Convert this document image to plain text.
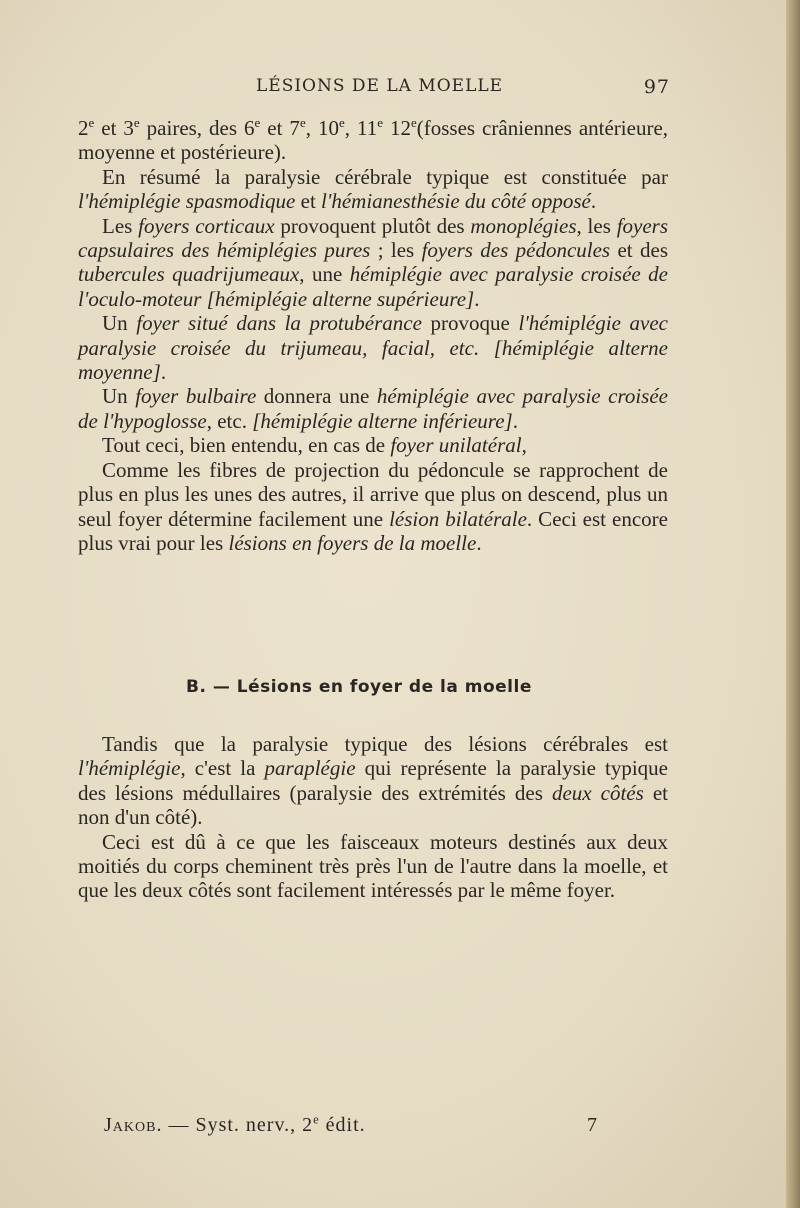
LÉSIONS DE LA MOELLE	97

2e et 3e paires, des 6e et 7e, 10e, 11e 12e(fosses crâniennes antérieure, moyenne et postérieure).

En résumé la paralysie cérébrale typique est constituée par l'hémiplégie spasmodique et l'hémianesthésie du côté opposé.

Les foyers corticaux provoquent plutôt des monoplégies, les foyers capsulaires des hémiplégies pures ; les foyers des pédoncules et des tubercules quadrijumeaux, une hémiplégie avec paralysie croisée de l'oculo-moteur [hémiplégie alterne supérieure].

Un foyer situé dans la protubérance provoque l'hémiplégie avec paralysie croisée du trijumeau, facial, etc. [hémiplégie alterne moyenne].

Un foyer bulbaire donnera une hémiplégie avec paralysie croisée de l'hypoglosse, etc. [hémiplégie alterne inférieure].

Tout ceci, bien entendu, en cas de foyer unilatéral,

Comme les fibres de projection du pédoncule se rapprochent de plus en plus les unes des autres, il arrive que plus on descend, plus un seul foyer détermine facilement une lésion bilatérale. Ceci est encore plus vrai pour les lésions en foyers de la moelle.

B. — Lésions en foyer de la moelle

Tandis que la paralysie typique des lésions cérébrales est l'hémiplégie, c'est la paraplégie qui représente la paralysie typique des lésions médullaires (paralysie des extrémités des deux côtés et non d'un côté).

Ceci est dû à ce que les faisceaux moteurs destinés aux deux moitiés du corps cheminent très près l'un de l'autre dans la moelle, et que les deux côtés sont facilement intéressés par le même foyer.

Jakob. — Syst. nerv., 2e édit.	7
